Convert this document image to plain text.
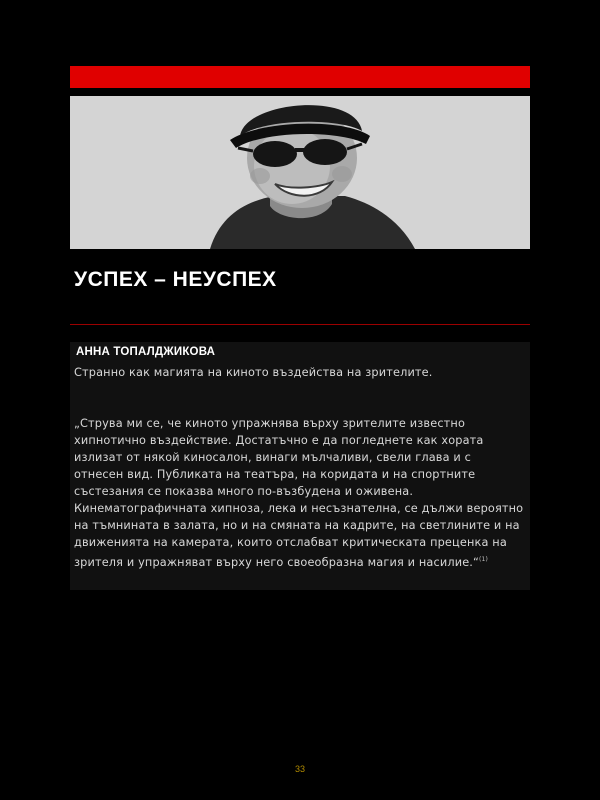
УСПЕХ – НЕУСПЕХ
АННА ТОПАЛДЖИКОВА

Странно как магията на киното въздейства на зрителите.

„Струва ми се, че киното упражнява върху зрителите известно хипнотично въздействие. Достатъчно е да погледнете как хората излизат от някой киносалон, винаги мълчаливи, свели глава и с отнесен вид. Публиката на театъра, на коридата и на спортните състезания се показва много по-възбудена и оживена. Кинематографичната хипноза, лека и несъзнателна, се дължи вероятно на тъмнината в залата, но и на смяната на кадрите, на светлините и на движенията на камерата, които отслабват критическата преценка на зрителя и упражняват върху него своеобразна магия и насилие.“$^{(1)}$

33
